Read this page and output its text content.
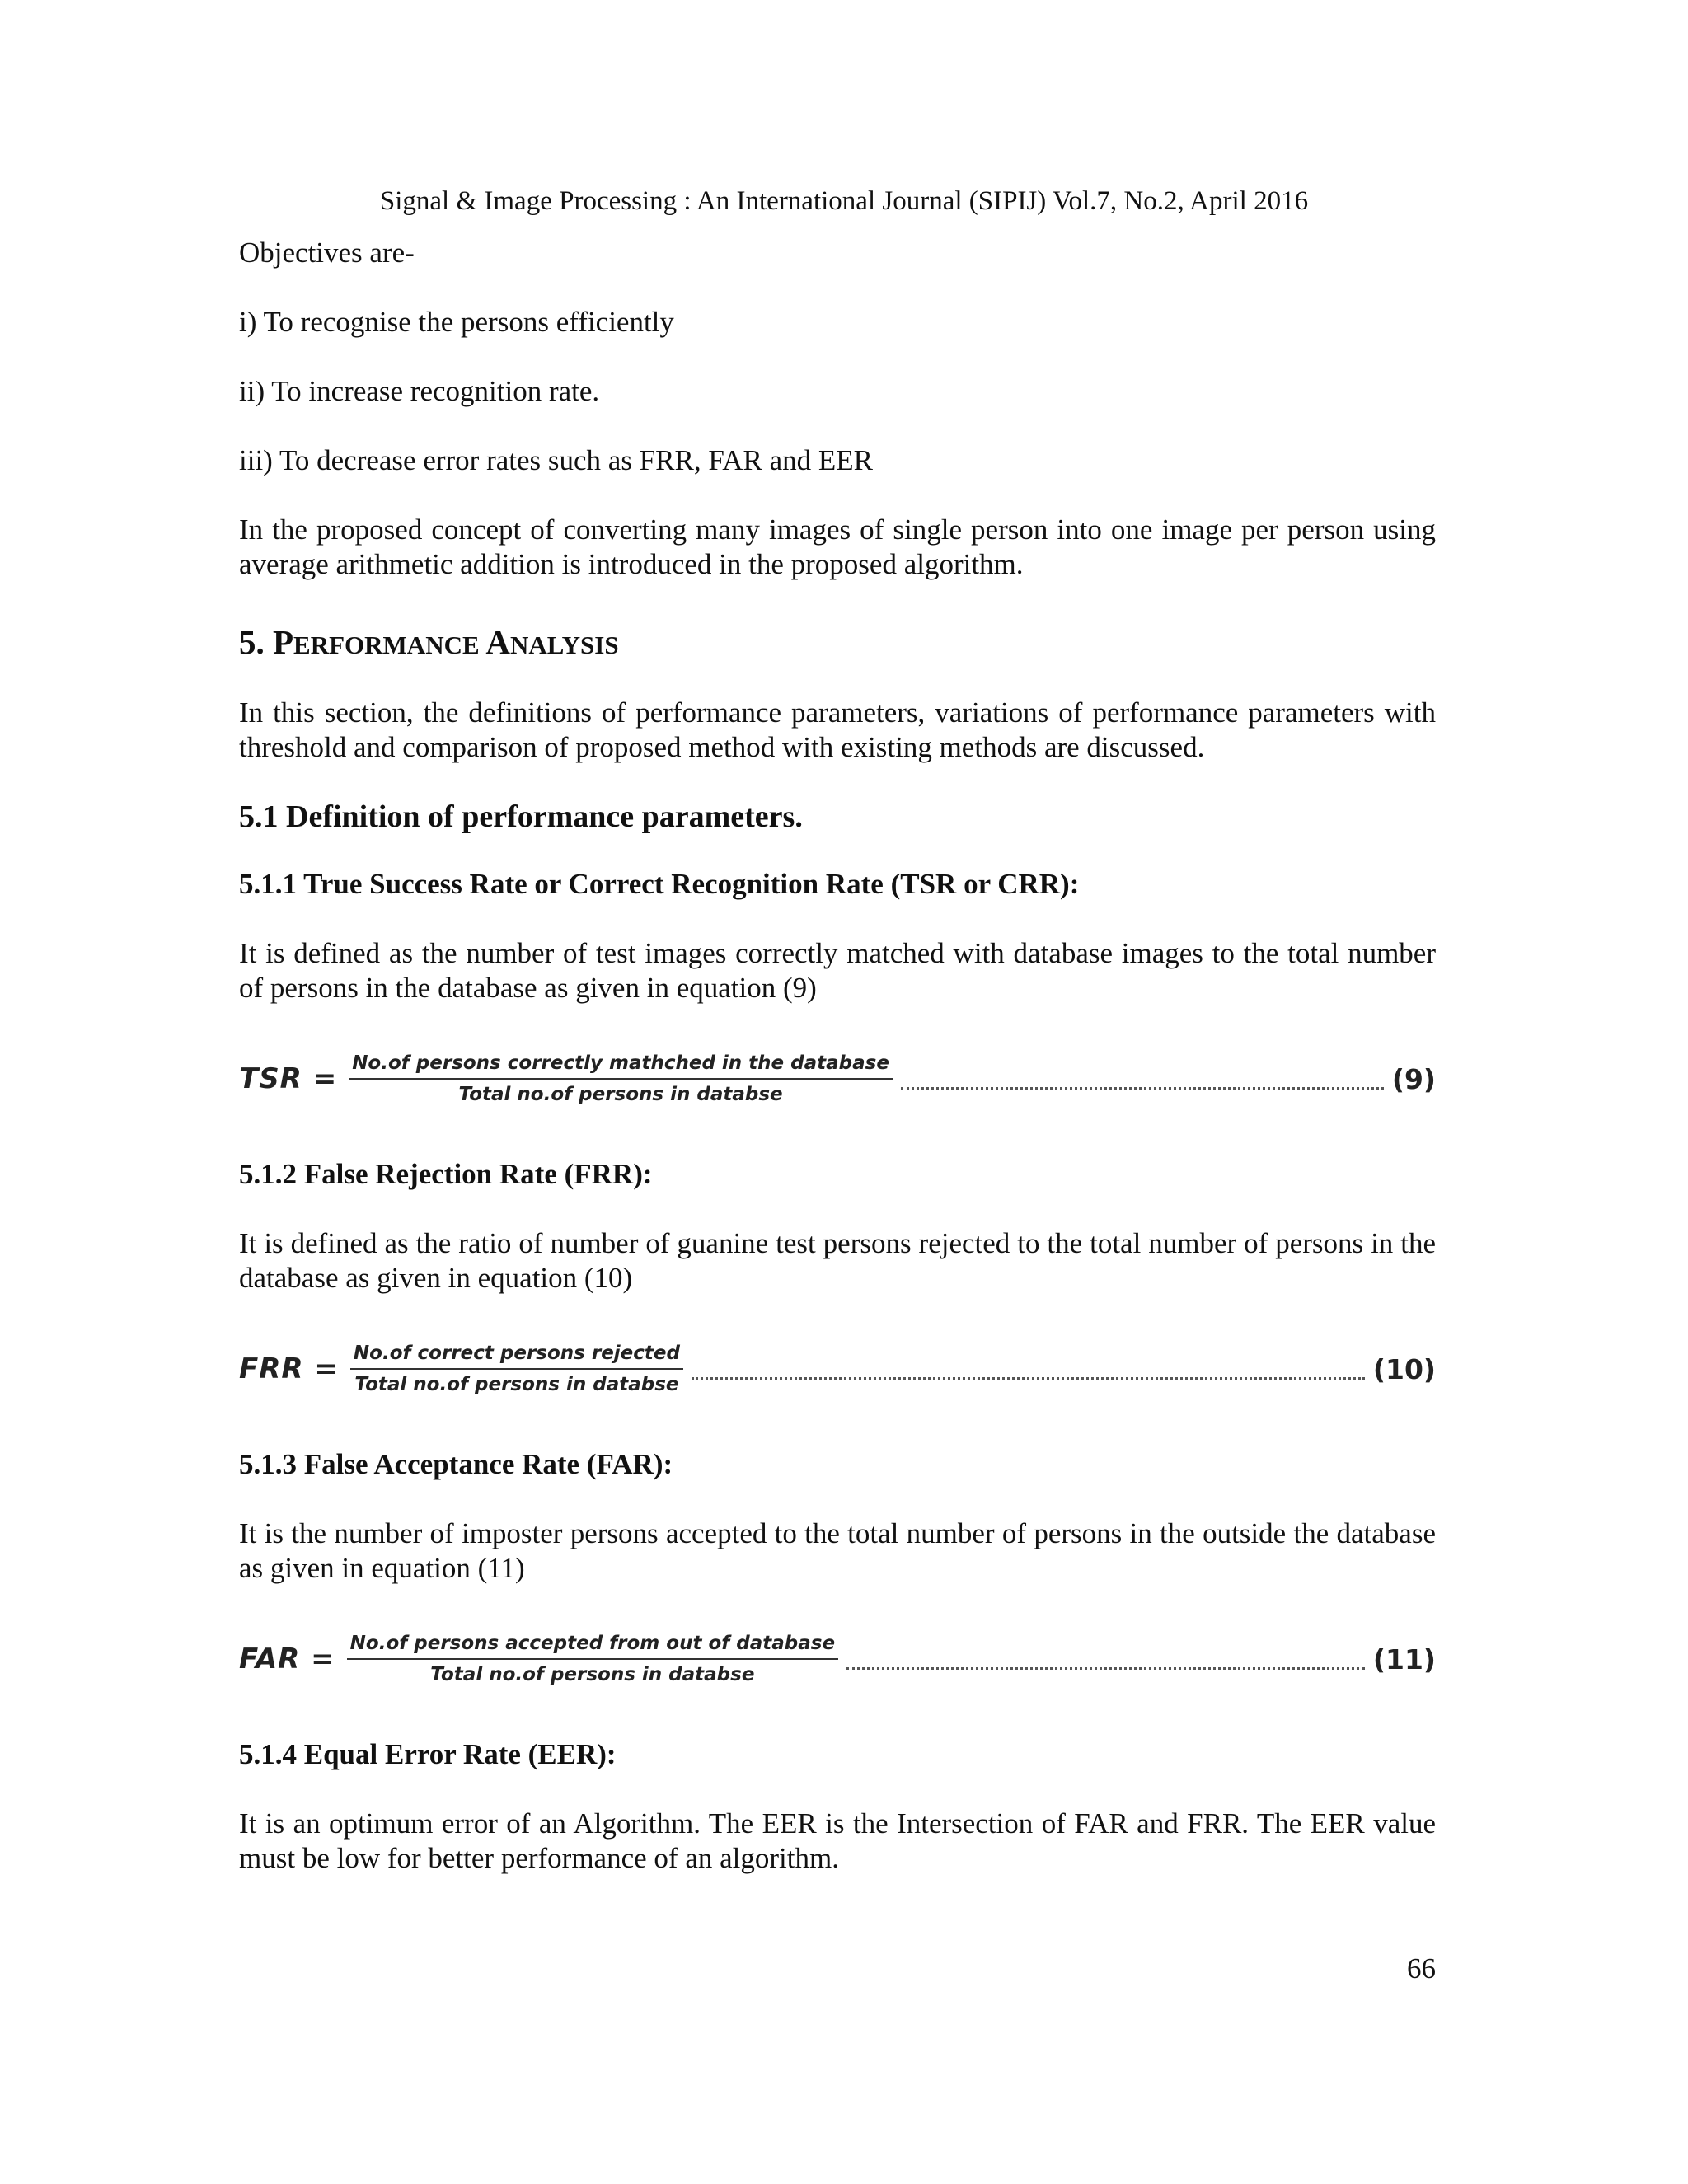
Signal & Image Processing : An International Journal (SIPIJ) Vol.7, No.2, April 2016

Objectives are-

i) To recognise the persons efficiently

ii) To increase recognition rate.

iii) To decrease error rates such as FRR, FAR and EER

In the proposed concept of converting many images of single person into one image per person using average arithmetic addition is introduced in the proposed algorithm.

5. PERFORMANCE ANALYSIS

In this section, the definitions of performance parameters, variations of performance parameters with threshold and comparison of proposed method with existing methods are discussed.

5.1 Definition of performance parameters.
5.1.1 True Success Rate or Correct Recognition Rate (TSR or CRR):

It is defined as the number of test images correctly matched with database images to the total number of persons in the database as given in equation (9)

TSR = $\frac{\text{No.of persons correctly mathched in the database}}{\text{Total no.of persons in databse}}$	(9)
5.1.2 False Rejection Rate (FRR):

It is defined as the ratio of number of guanine test persons rejected to the total number of persons in the database as given in equation (10)

FRR = $\frac{\text{No.of correct persons rejected}}{\text{Total no.of persons in databse}}$	(10)
5.1.3 False Acceptance Rate (FAR):

It is the number of imposter persons accepted to the total number of persons in the outside the database as given in equation (11)

FAR = $\frac{\text{No.of persons accepted from out of database}}{\text{Total no.of persons in databse}}$	(11)
5.1.4 Equal Error Rate (EER):

It is an optimum error of an Algorithm. The EER is the Intersection of FAR and FRR. The EER value must be low for better performance of an algorithm.

66
